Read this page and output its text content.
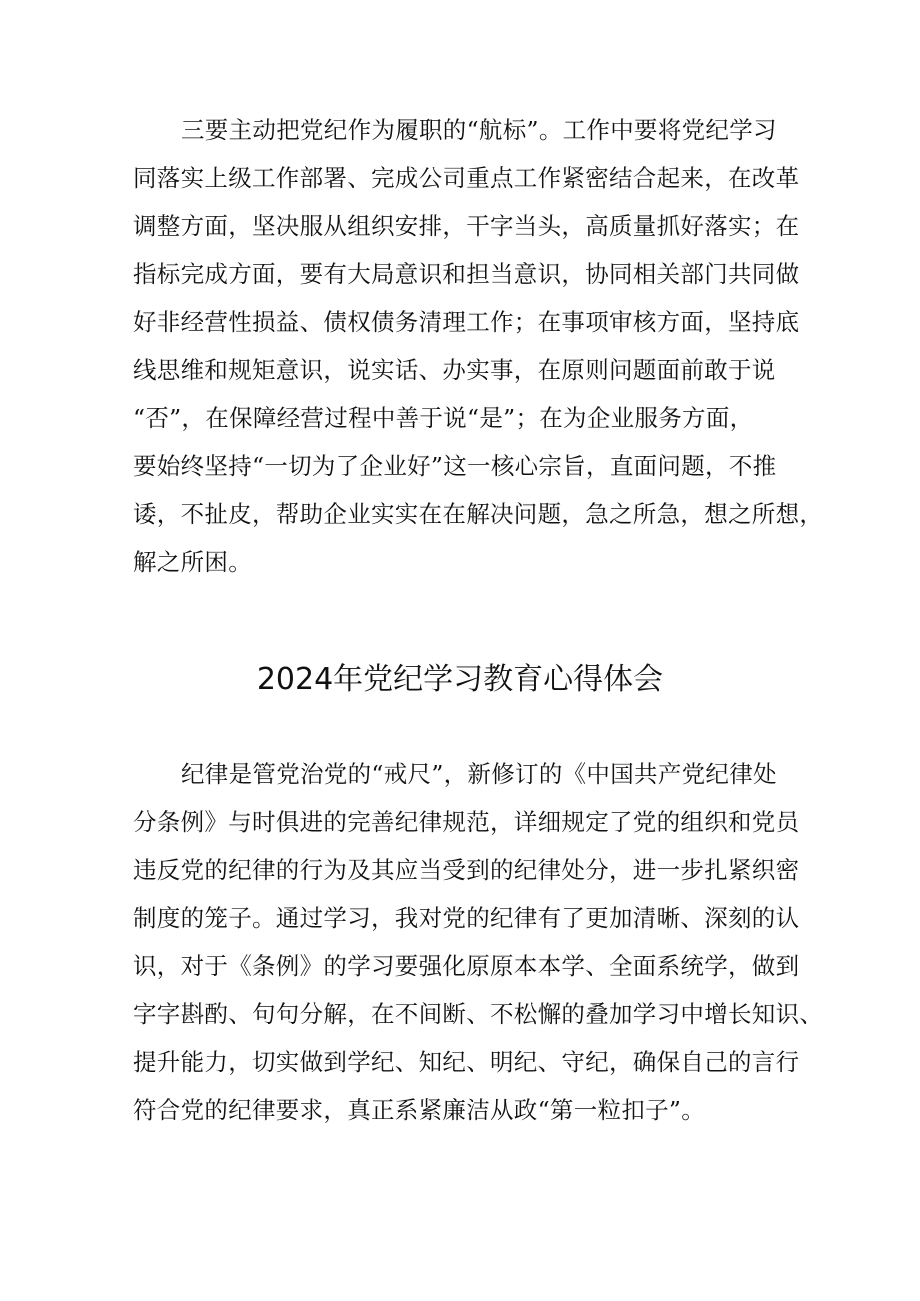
三要主动把党纪作为履职的“航标”。工作中要将党纪学习

同落实上级工作部署、完成公司重点工作紧密结合起来，在改革

调整方面，坚决服从组织安排，干字当头，高质量抓好落实；在

指标完成方面，要有大局意识和担当意识，协同相关部门共同做

好非经营性损益、债权债务清理工作；在事项审核方面，坚持底

线思维和规矩意识，说实话、办实事，在原则问题面前敢于说

“否”，在保障经营过程中善于说“是”；在为企业服务方面，

要始终坚持“一切为了企业好”这一核心宗旨，直面问题，不推

诿，不扯皮，帮助企业实实在在解决问题，急之所急，想之所想，

解之所困。

2024年党纪学习教育心得体会

纪律是管党治党的“戒尺”，新修订的《中国共产党纪律处

分条例》与时俱进的完善纪律规范，详细规定了党的组织和党员

违反党的纪律的行为及其应当受到的纪律处分，进一步扎紧织密

制度的笼子。通过学习，我对党的纪律有了更加清晰、深刻的认

识，对于《条例》的学习要强化原原本本学、全面系统学，做到

字字斟酌、句句分解，在不间断、不松懈的叠加学习中增长知识、

提升能力，切实做到学纪、知纪、明纪、守纪，确保自己的言行

符合党的纪律要求，真正系紧廉洁从政“第一粒扣子”。
